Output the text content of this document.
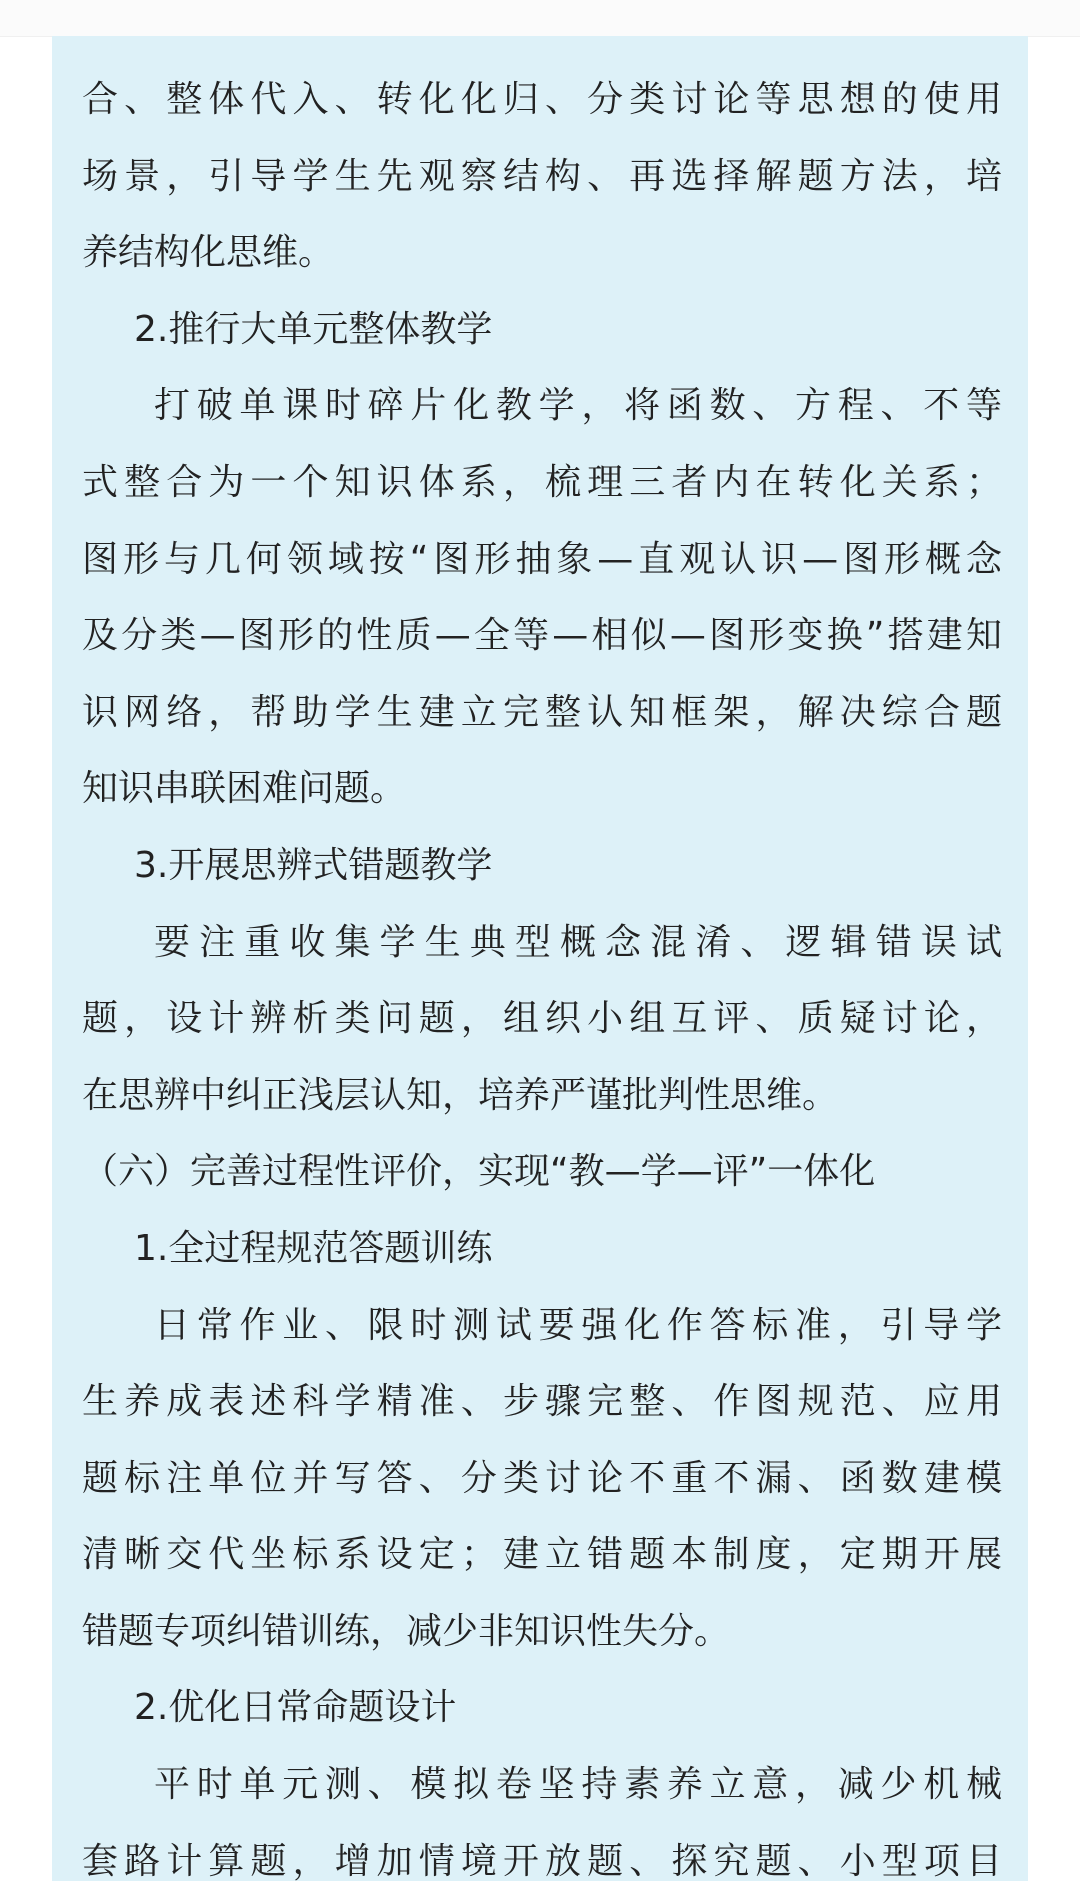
合、整体代入、转化化归、分类讨论等思想的使用
场景，引导学生先观察结构、再选择解题方法，培
养结构化思维。
2.推行大单元整体教学
打破单课时碎片化教学，将函数、方程、不等
式整合为一个知识体系，梳理三者内在转化关系；
图形与几何领域按“图形抽象—直观认识—图形概念
及分类—图形的性质—全等—相似—图形变换”搭建知
识网络，帮助学生建立完整认知框架，解决综合题
知识串联困难问题。
3.开展思辨式错题教学
要注重收集学生典型概念混淆、逻辑错误试
题，设计辨析类问题，组织小组互评、质疑讨论，
在思辨中纠正浅层认知，培养严谨批判性思维。
（六）完善过程性评价，实现“教—学—评”一体化
1.全过程规范答题训练
日常作业、限时测试要强化作答标准，引导学
生养成表述科学精准、步骤完整、作图规范、应用
题标注单位并写答、分类讨论不重不漏、函数建模
清晰交代坐标系设定；建立错题本制度，定期开展
错题专项纠错训练，减少非知识性失分。
2.优化日常命题设计
平时单元测、模拟卷坚持素养立意，减少机械
套路计算题，增加情境开放题、探究题、小型项目
